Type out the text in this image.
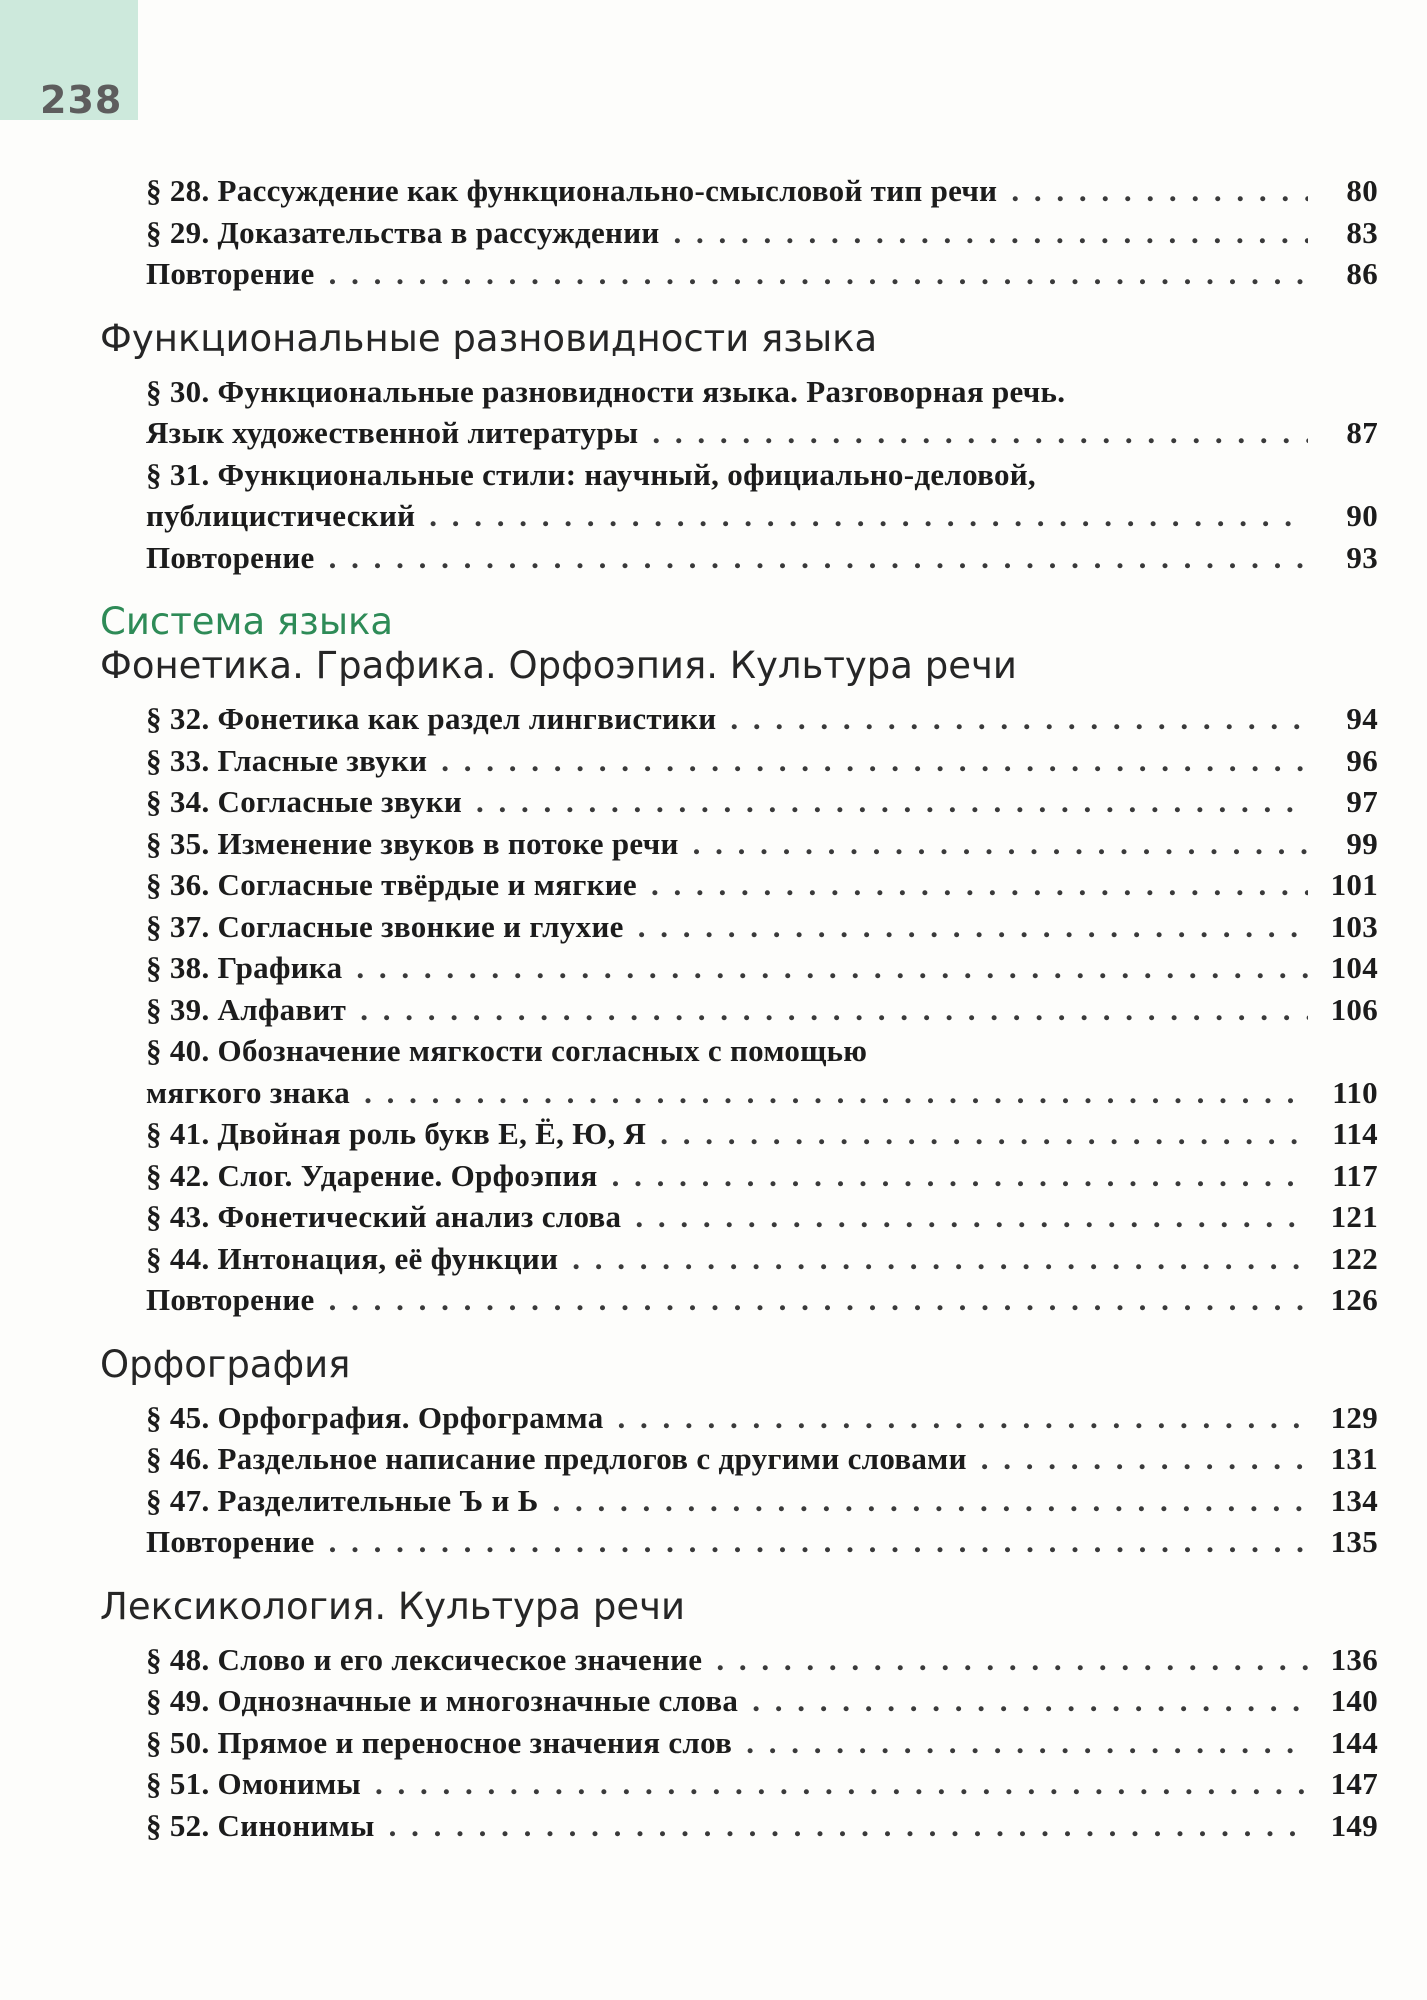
238
§ 28. Рассуждение как функционально-смысловой тип речи . . .	80
§ 29. Доказательства в рассуждении . . .	83
Повторение . . .	86
Функциональные разновидности языка
§ 30. Функциональные разновидности языка. Разговорная речь.
Язык художественной литературы . . .	87
§ 31. Функциональные стили: научный, официально-деловой,
публицистический . . .	90
Повторение . . .	93
Система языка
Фонетика. Графика. Орфоэпия. Культура речи
§ 32. Фонетика как раздел лингвистики . . .	94
§ 33. Гласные звуки . . .	96
§ 34. Согласные звуки . . .	97
§ 35. Изменение звуков в потоке речи . . .	99
§ 36. Согласные твёрдые и мягкие . . .	101
§ 37. Согласные звонкие и глухие . . .	103
§ 38. Графика . . .	104
§ 39. Алфавит . . .	106
§ 40. Обозначение мягкости согласных с помощью
мягкого знака . . .	110
§ 41. Двойная роль букв Е, Ё, Ю, Я . . .	114
§ 42. Слог. Ударение. Орфоэпия . . .	117
§ 43. Фонетический анализ слова . . .	121
§ 44. Интонация, её функции . . .	122
Повторение . . .	126
Орфография
§ 45. Орфография. Орфограмма . . .	129
§ 46. Раздельное написание предлогов с другими словами . . .	131
§ 47. Разделительные Ъ и Ь . . .	134
Повторение . . .	135
Лексикология. Культура речи
§ 48. Слово и его лексическое значение . . .	136
§ 49. Однозначные и многозначные слова . . .	140
§ 50. Прямое и переносное значения слов . . .	144
§ 51. Омонимы . . .	147
§ 52. Синонимы . . .	149
